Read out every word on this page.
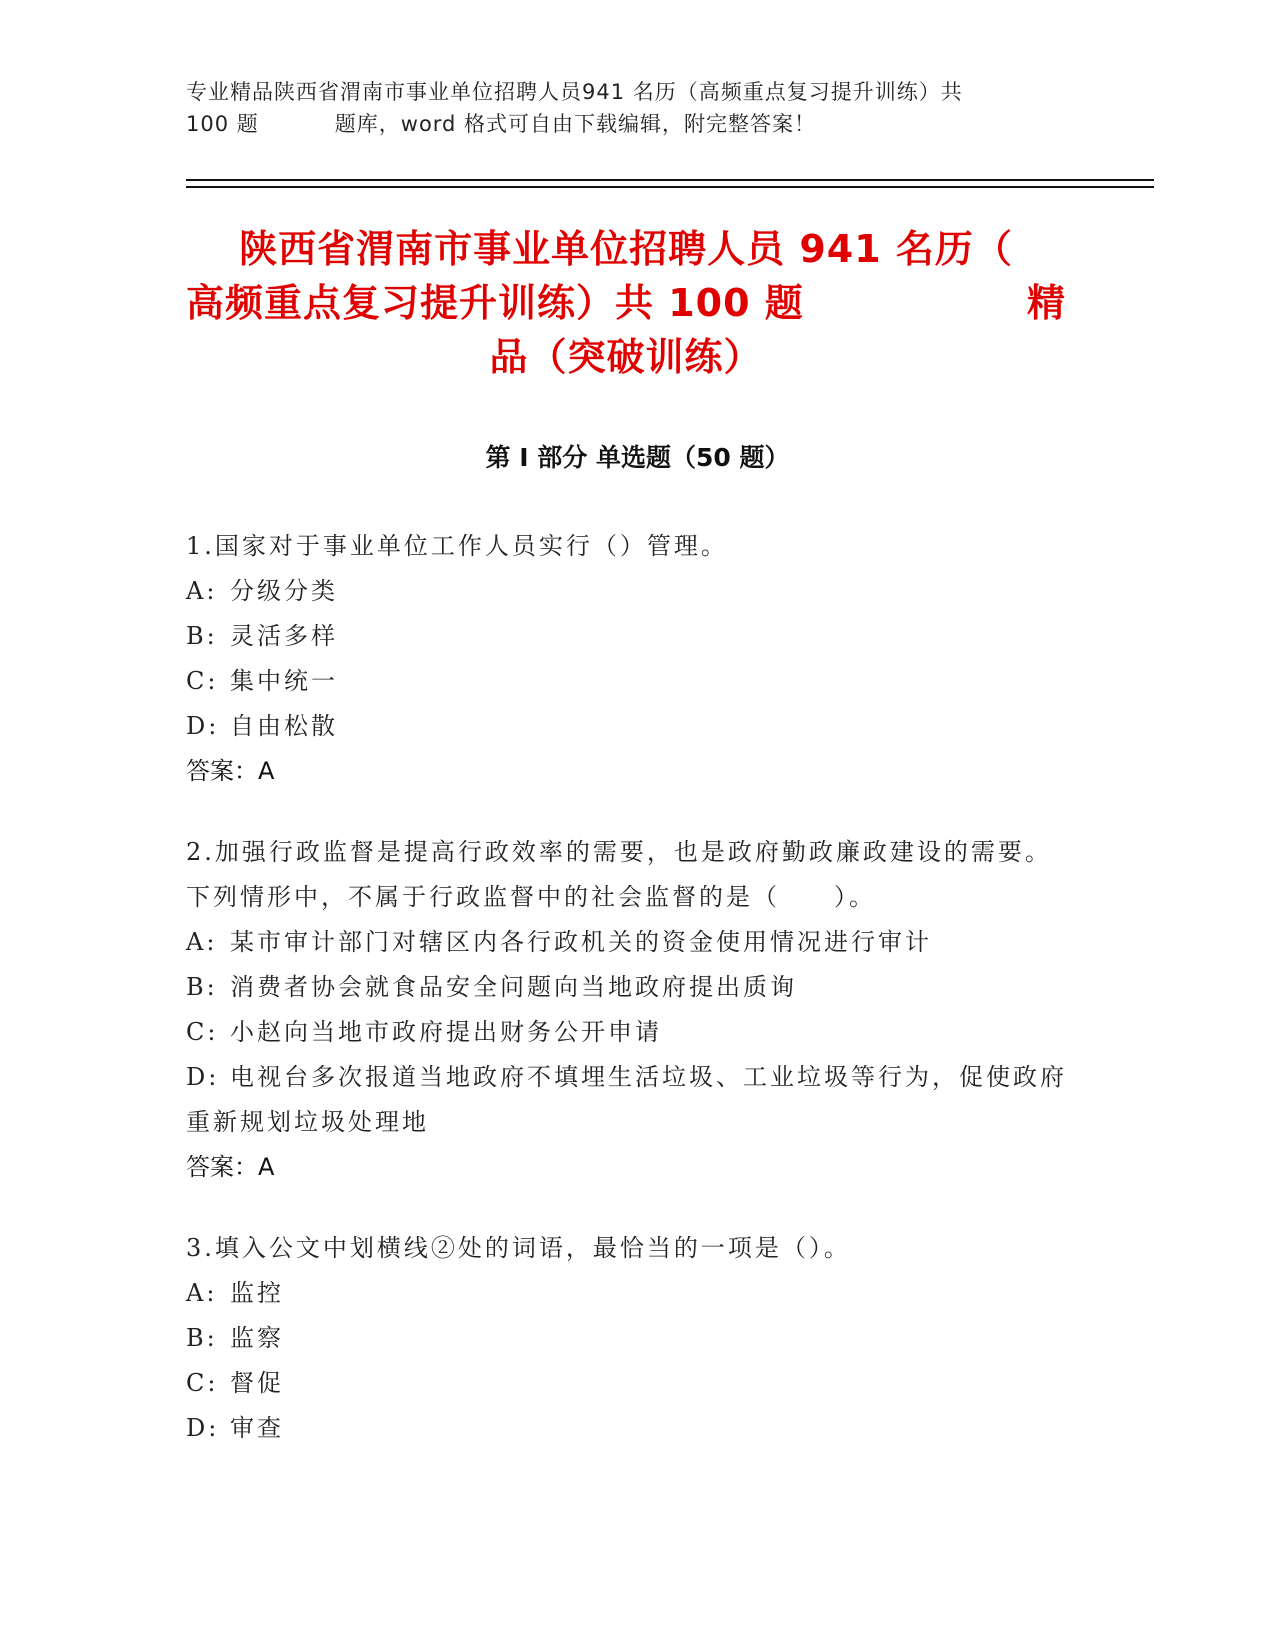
专业精品陕西省渭南市事业单位招聘人员941 名历（高频重点复习提升训练）共
100 题	题库，word 格式可自由下载编辑，附完整答案！
陕西省渭南市事业单位招聘人员 941 名历（
高频重点复习提升训练）共 100 题	精
品（突破训练）
第 I 部分 单选题（50 题）
1.国家对于事业单位工作人员实行（）管理。
A: 分级分类
B: 灵活多样
C: 集中统一
D: 自由松散
答案：A
2.加强行政监督是提高行政效率的需要，也是政府勤政廉政建设的需要。下列情形中，不属于行政监督中的社会监督的是（　　）。
A: 某市审计部门对辖区内各行政机关的资金使用情况进行审计
B: 消费者协会就食品安全问题向当地政府提出质询
C: 小赵向当地市政府提出财务公开申请
D: 电视台多次报道当地政府不填埋生活垃圾、工业垃圾等行为，促使政府重新规划垃圾处理地
答案：A
3.填入公文中划横线②处的词语，最恰当的一项是（）。
A: 监控
B: 监察
C: 督促
D: 审查
